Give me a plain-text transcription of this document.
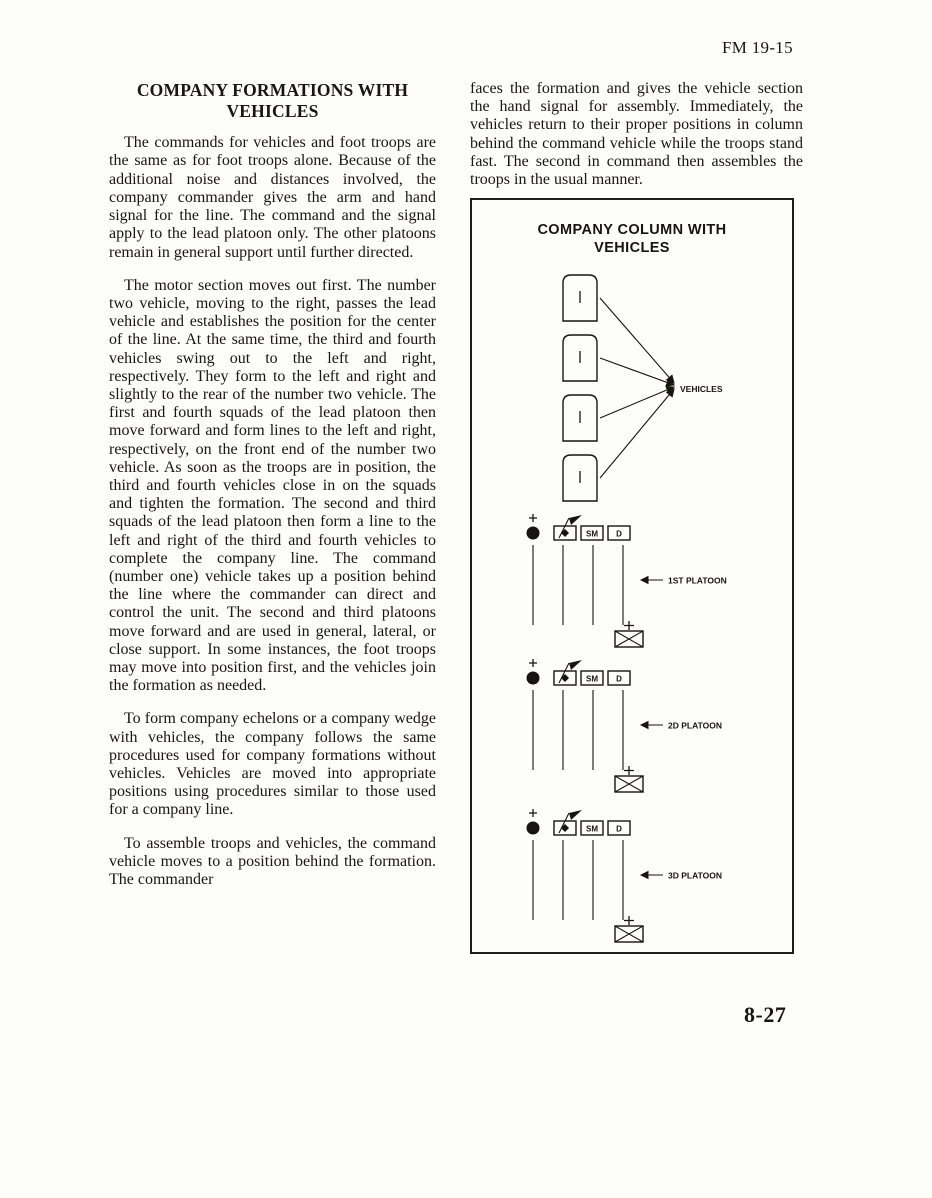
FM 19-15
COMPANY FORMATIONS WITH
VEHICLES

The commands for vehicles and foot troops are the same as for foot troops alone. Because of the additional noise and distances involved, the company commander gives the arm and hand signal for the line. The command and the signal apply to the lead platoon only. The other platoons remain in general support until further directed.

The motor section moves out first. The number two vehicle, moving to the right, passes the lead vehicle and establishes the position for the center of the line. At the same time, the third and fourth vehicles swing out to the left and right, respectively. They form to the left and right and slightly to the rear of the number two vehicle. The first and fourth squads of the lead platoon then move forward and form lines to the left and right, respectively, on the front end of the number two vehicle. As soon as the troops are in position, the third and fourth vehicles close in on the squads and tighten the formation. The second and third squads of the lead platoon then form a line to the left and right of the third and fourth vehicles to complete the company line. The command (number one) vehicle takes up a position behind the line where the commander can direct and control the unit. The second and third platoons move forward and are used in general, lateral, or close support. In some instances, the foot troops may move into position first, and the vehicles join the formation as needed.

To form company echelons or a company wedge with vehicles, the company follows the same procedures used for company formations without vehicles. Vehicles are moved into appropriate positions using procedures similar to those used for a company line.

To assemble troops and vehicles, the command vehicle moves to a position behind the formation. The commander

faces the formation and gives the vehicle section the hand signal for assembly. Immediately, the vehicles return to their proper positions in column behind the command vehicle while the troops stand fast. The second in command then assembles the troops in the usual manner.

COMPANY COLUMN WITH
VEHICLES
VEHICLES
SM D
1ST PLATOON
SM D
2D PLATOON
SM D
3D PLATOON
8-27
